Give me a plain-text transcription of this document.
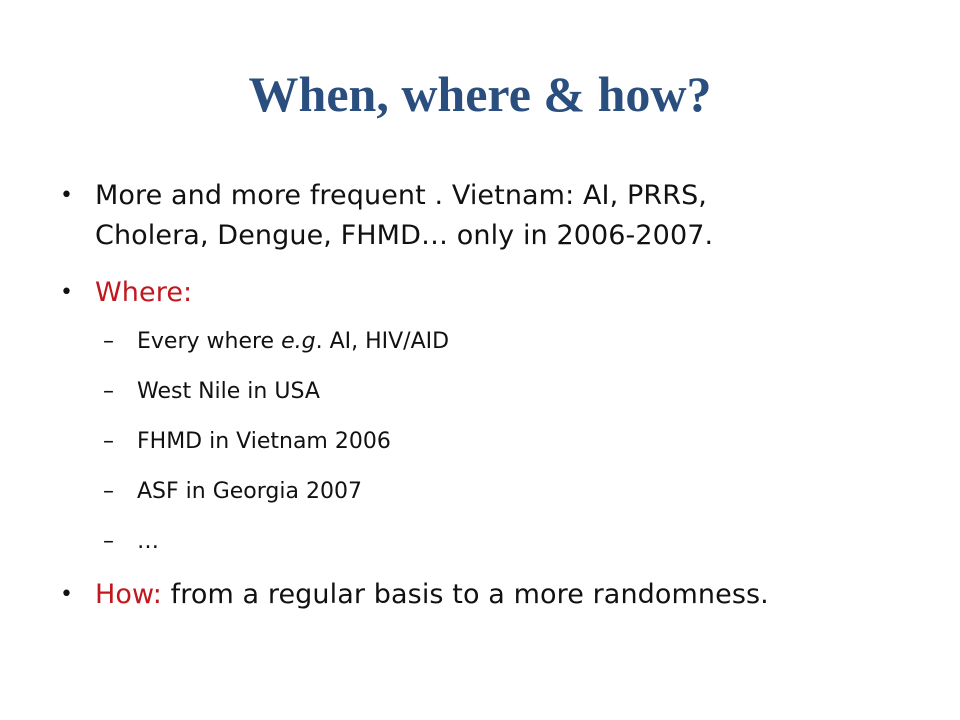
When, where & how?
• More and more frequent . Vietnam: AI, PRRS,
Cholera, Dengue, FHMD… only in 2006-2007.
• Where:
– Every where e.g. AI, HIV/AID
– West Nile in USA
– FHMD in Vietnam 2006
– ASF in Georgia 2007
– …
• How: from a regular basis to a more randomness.
